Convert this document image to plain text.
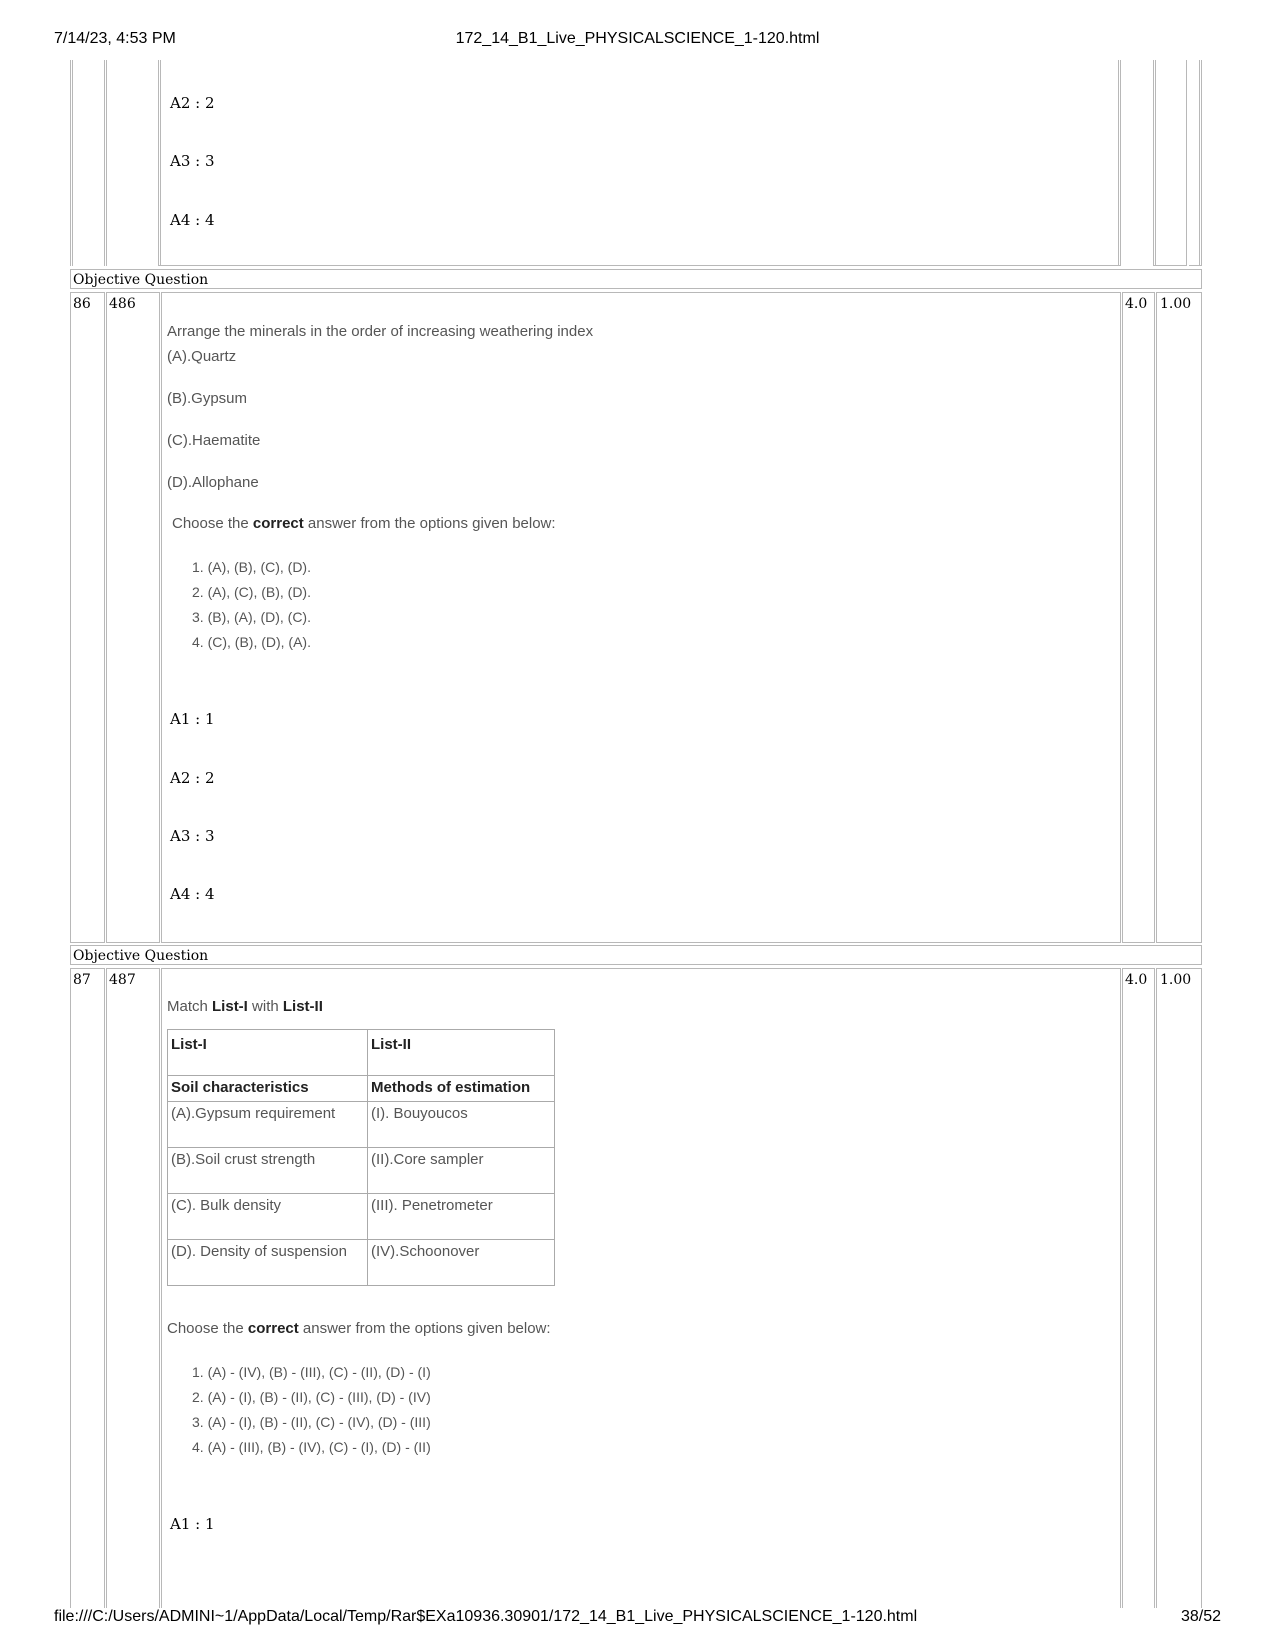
7/14/23, 4:53 PM	172_14_B1_Live_PHYSICALSCIENCE_1-120.html
A2 : 2
A3 : 3
A4 : 4
Objective Question
86 486	4.0 1.00
Arrange the minerals in the order of increasing weathering index
(A).Quartz
(B).Gypsum
(C).Haematite
(D).Allophane
Choose the correct answer from the options given below:
1. (A), (B), (C), (D).
2. (A), (C), (B), (D).
3. (B), (A), (D), (C).
4. (C), (B), (D), (A).
A1 : 1
A2 : 2
A3 : 3
A4 : 4
Objective Question
87 487	4.0 1.00
Match List-I with List-II
List-I	List-II
Soil characteristics	Methods of estimation
(A).Gypsum requirement	(I). Bouyoucos
(B).Soil crust strength	(II).Core sampler
(C). Bulk density	(III). Penetrometer
(D). Density of suspension	(IV).Schoonover
Choose the correct answer from the options given below:
1. (A) - (IV), (B) - (III), (C) - (II), (D) - (I)
2. (A) - (I), (B) - (II), (C) - (III), (D) - (IV)
3. (A) - (I), (B) - (II), (C) - (IV), (D) - (III)
4. (A) - (III), (B) - (IV), (C) - (I), (D) - (II)
A1 : 1
file:///C:/Users/ADMINI~1/AppData/Local/Temp/Rar$EXa10936.30901/172_14_B1_Live_PHYSICALSCIENCE_1-120.html	38/52
